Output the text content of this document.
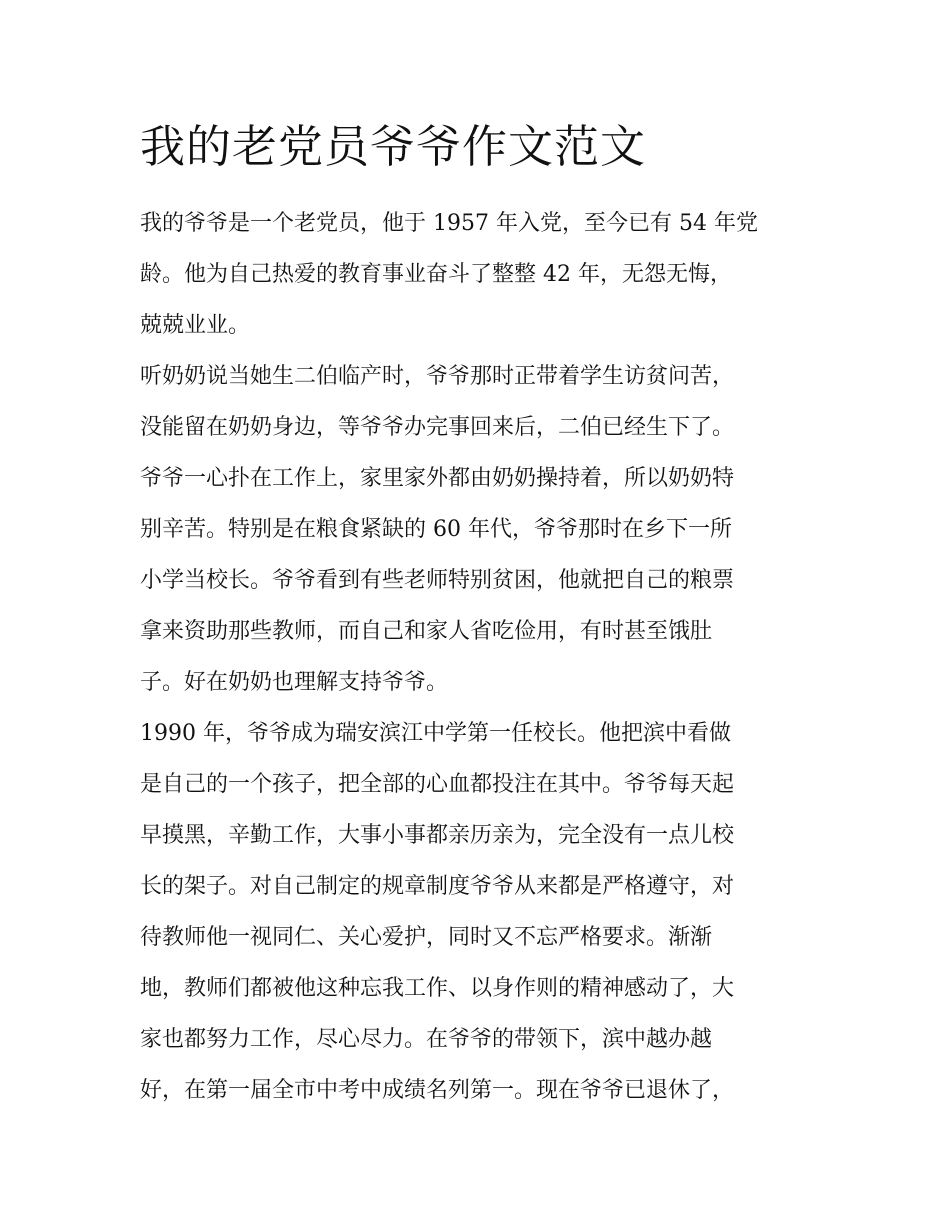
我的老党员爷爷作文范文
我的爷爷是一个老党员，他于 1957 年入党，至今已有 54 年党
龄。他为自己热爱的教育事业奋斗了整整 42 年，无怨无悔，
兢兢业业。
听奶奶说当她生二伯临产时，爷爷那时正带着学生访贫问苦，
没能留在奶奶身边，等爷爷办完事回来后，二伯已经生下了。
爷爷一心扑在工作上，家里家外都由奶奶操持着，所以奶奶特
别辛苦。特别是在粮食紧缺的 60 年代，爷爷那时在乡下一所
小学当校长。爷爷看到有些老师特别贫困，他就把自己的粮票
拿来资助那些教师，而自己和家人省吃俭用，有时甚至饿肚
子。好在奶奶也理解支持爷爷。
1990 年，爷爷成为瑞安滨江中学第一任校长。他把滨中看做
是自己的一个孩子，把全部的心血都投注在其中。爷爷每天起
早摸黑，辛勤工作，大事小事都亲历亲为，完全没有一点儿校
长的架子。对自己制定的规章制度爷爷从来都是严格遵守，对
待教师他一视同仁、关心爱护，同时又不忘严格要求。渐渐
地，教师们都被他这种忘我工作、以身作则的精神感动了，大
家也都努力工作，尽心尽力。在爷爷的带领下，滨中越办越
好，在第一届全市中考中成绩名列第一。现在爷爷已退休了，
